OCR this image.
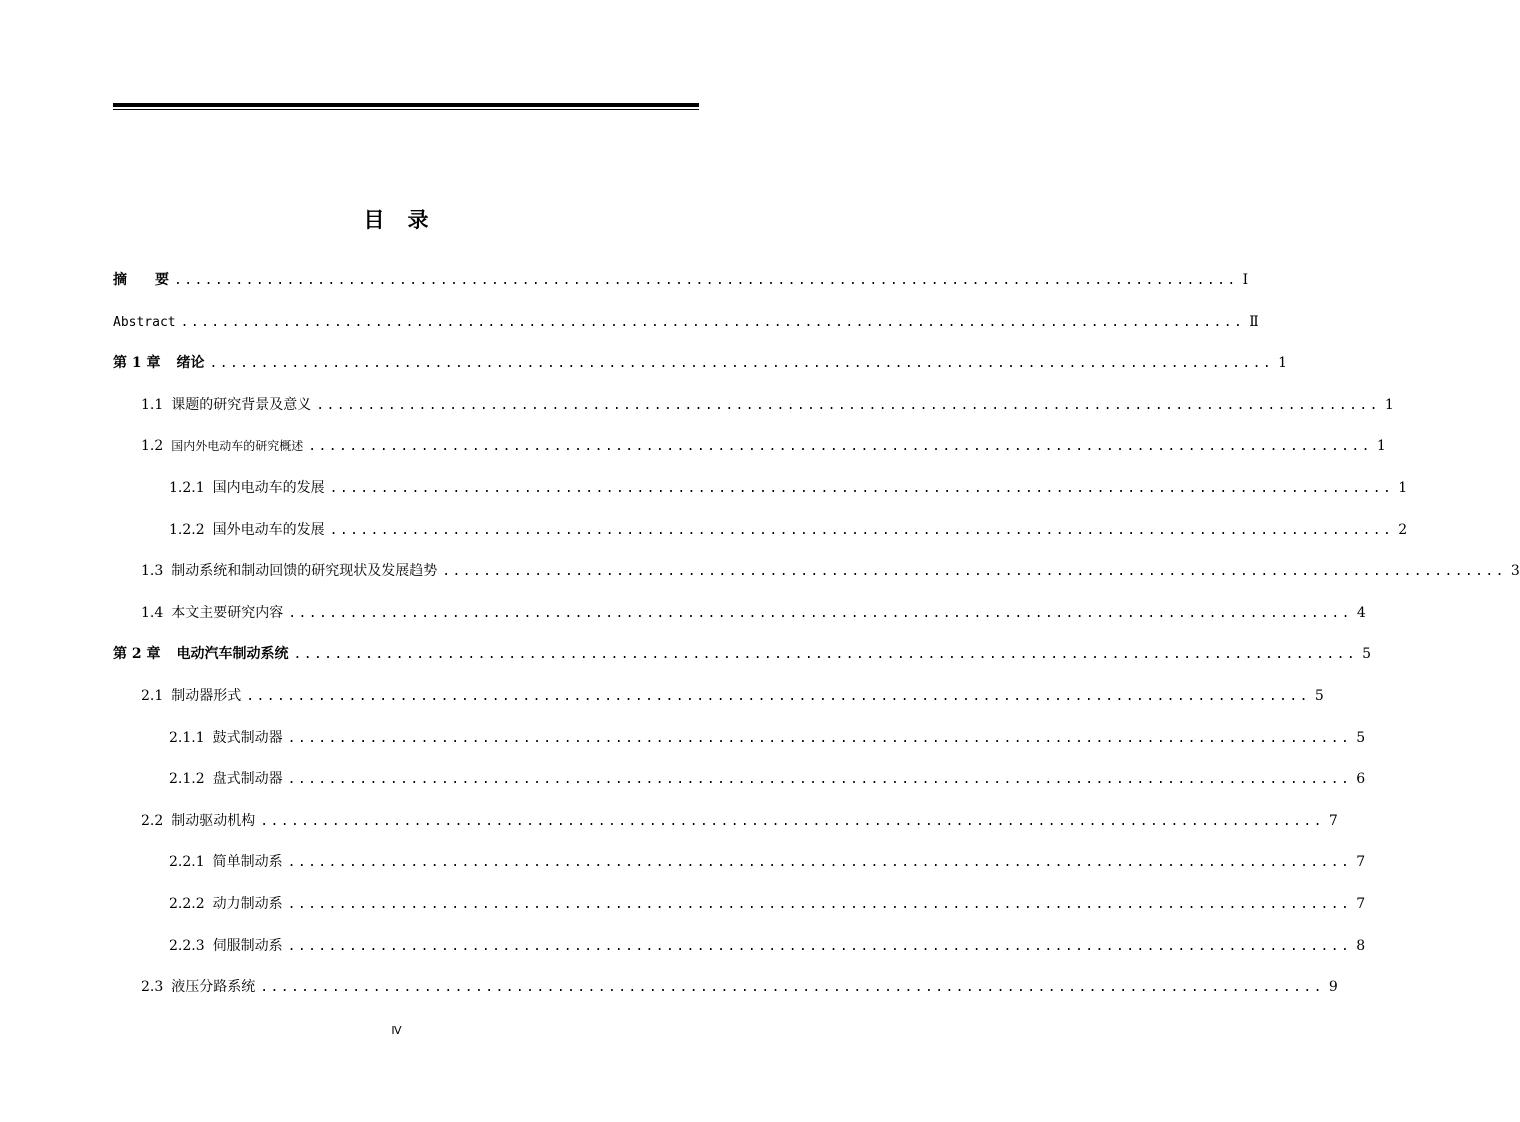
目　录
摘　　要 ........................................................................................................ Ⅰ
Abstract ........................................................................................................ Ⅱ
第 1 章 绪论 ........................................................................................................ 1
1.1 课题的研究背景及意义 ........................................................................................................ 1
1.2 国内外电动车的研究概述 ........................................................................................................ 1
1.2.1 国内电动车的发展 ........................................................................................................ 1
1.2.2 国外电动车的发展 ........................................................................................................ 2
1.3 制动系统和制动回馈的研究现状及发展趋势 ........................................................................................................ 3
1.4 本文主要研究内容 ........................................................................................................ 4
第 2 章 电动汽车制动系统 ........................................................................................................ 5
2.1 制动器形式 ........................................................................................................ 5
2.1.1 鼓式制动器 ........................................................................................................ 5
2.1.2 盘式制动器 ........................................................................................................ 6
2.2 制动驱动机构 ........................................................................................................ 7
2.2.1 简单制动系 ........................................................................................................ 7
2.2.2 动力制动系 ........................................................................................................ 7
2.2.3 伺服制动系 ........................................................................................................ 8
2.3 液压分路系统 ........................................................................................................ 9
Ⅳ
